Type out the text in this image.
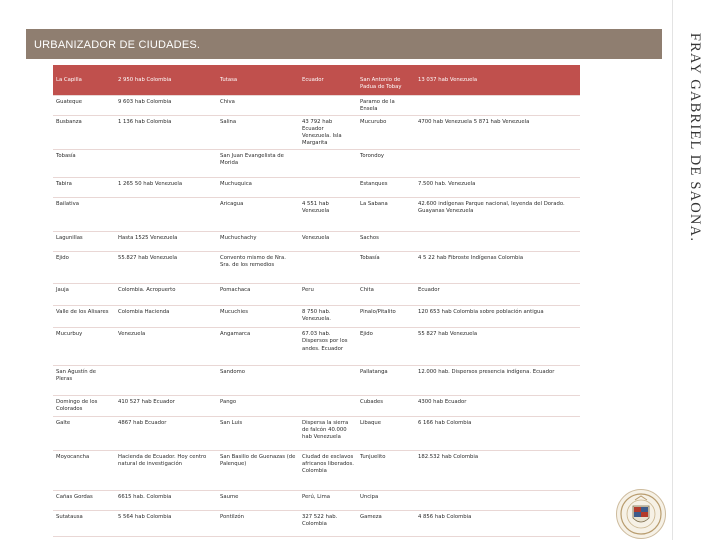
URBANIZADOR DE CIUDADES.	FRAY GABRIEL DE SAONA.
La Capilla	2 950 hab Colombia	Tutasa	Ecuador	San Antonio de Padua de Tobay	13 037 hab Venezuela
Guateque	9 603 hab Colombia	Chiva		Paramo de la Ensela	
Busbanza	1 136 hab Colombia	Salina	43 792 hab Ecuador Venezuela. Isla Margarita	Mucurubo	4700 hab Venezuela 5 871 hab Venezuela
Tobasía		San Juan Evangelista de Morida		Torondoy	
Tabira	1 265 50 hab Venezuela	Muchuquica		Estanques	7.500 hab. Venezuela
Bailativa		Aricagua	4 551 hab Venezuela	La Sabana	42.600 indígenas Parque nacional, leyenda del Dorado. Guayanas Venezuela
Lagunillas	Hasta 1525 Venezuela	Muchuchachy	Venezuela	Sachos	
Ejido	55.827 hab Venezuela	Convento mismo de Nra. Sra. de los remedios		Tobasía	4 5 22 hab Fibroste Indígenas Colombia
Jauja	Colombia. Acropuerto	Pomachaca	Peru	Chita	Ecuador
Valle de los Alisares	Colombia Hacienda	Mucuchies	8 750 hab. Venezuela.	Pinalo/Pitalito	120 653 hab Colombia sobre población antigua
Mucurbuy	Venezuela	Angamarca	67.03 hab. Dispersos por los andes. Ecuador	Ejido	55 827 hab Venezuela
San Agustín de Pleras		Sandomo		Pallatanga	12.000 hab. Dispersos presencia indígena. Ecuador
Domingo de los Colorados	410 527 hab Ecuador	Pango		Cubades	4300 hab Ecuador
Galte	4867 hab Ecuador	San Luis	Dispersa la sierra de falcón 40.000 hab Venezuela	Libaque	6 166 hab Colombia
Moyocancha	Hacienda de Ecuador. Hoy centro natural de investigación	San Basilio de Guenazas (de Palenque)	Ciudad de esclavos africanos liberados. Colombia	Tunjuelito	182.532 hab Colombia
Cañas Gordas	6615 hab. Colombia	Saume	Perú, Lima	Uncipa	
Sutatausa	5 564 hab Colombia	Pontilzón	327 522 hab. Colombia	Gameza	4 856 hab Colombia
